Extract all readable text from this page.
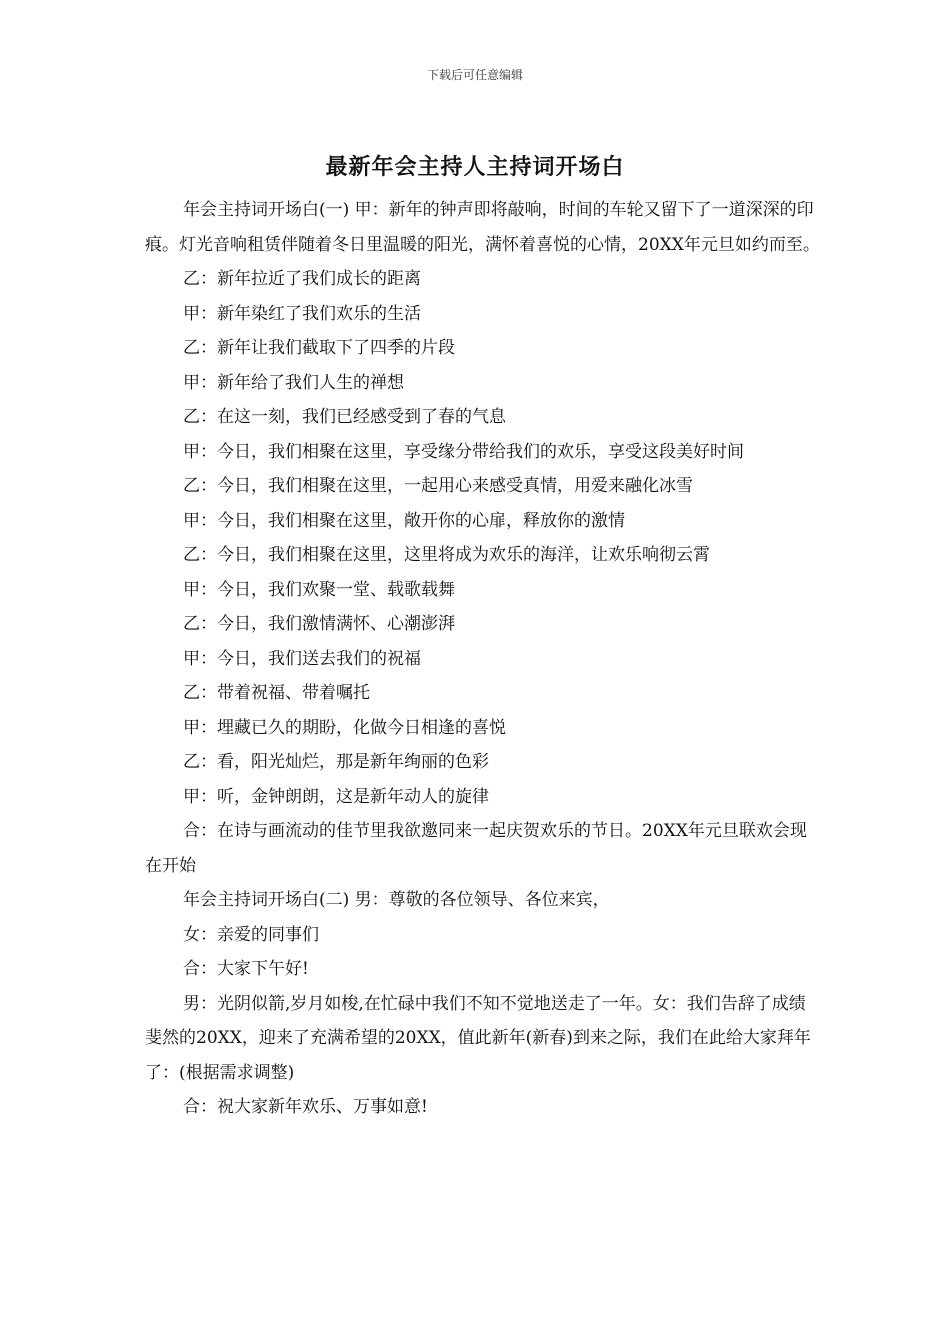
下载后可任意编辑
最新年会主持人主持词开场白

年会主持词开场白(一) 甲：新年的钟声即将敲响，时间的车轮又留下了一道深深的印痕。灯光音响租赁伴随着冬日里温暖的阳光，满怀着喜悦的心情，20XX年元旦如约而至。

乙：新年拉近了我们成长的距离

甲：新年染红了我们欢乐的生活

乙：新年让我们截取下了四季的片段

甲：新年给了我们人生的禅想

乙：在这一刻，我们已经感受到了春的气息

甲：今日，我们相聚在这里，享受缘分带给我们的欢乐，享受这段美好时间

乙：今日，我们相聚在这里，一起用心来感受真情，用爱来融化冰雪

甲：今日，我们相聚在这里，敞开你的心扉，释放你的激情

乙：今日，我们相聚在这里，这里将成为欢乐的海洋，让欢乐响彻云霄

甲：今日，我们欢聚一堂、载歌载舞

乙：今日，我们激情满怀、心潮澎湃

甲：今日，我们送去我们的祝福

乙：带着祝福、带着嘱托

甲：埋藏已久的期盼，化做今日相逢的喜悦

乙：看，阳光灿烂，那是新年绚丽的色彩

甲：听，金钟朗朗，这是新年动人的旋律

合：在诗与画流动的佳节里我欲邀同来一起庆贺欢乐的节日。20XX年元旦联欢会现在开始

年会主持词开场白(二) 男：尊敬的各位领导、各位来宾，

女：亲爱的同事们

合：大家下午好!

男：光阴似箭,岁月如梭,在忙碌中我们不知不觉地送走了一年。女：我们告辞了成绩斐然的20XX，迎来了充满希望的20XX，值此新年(新春)到来之际，我们在此给大家拜年了：(根据需求调整)

合：祝大家新年欢乐、万事如意!
